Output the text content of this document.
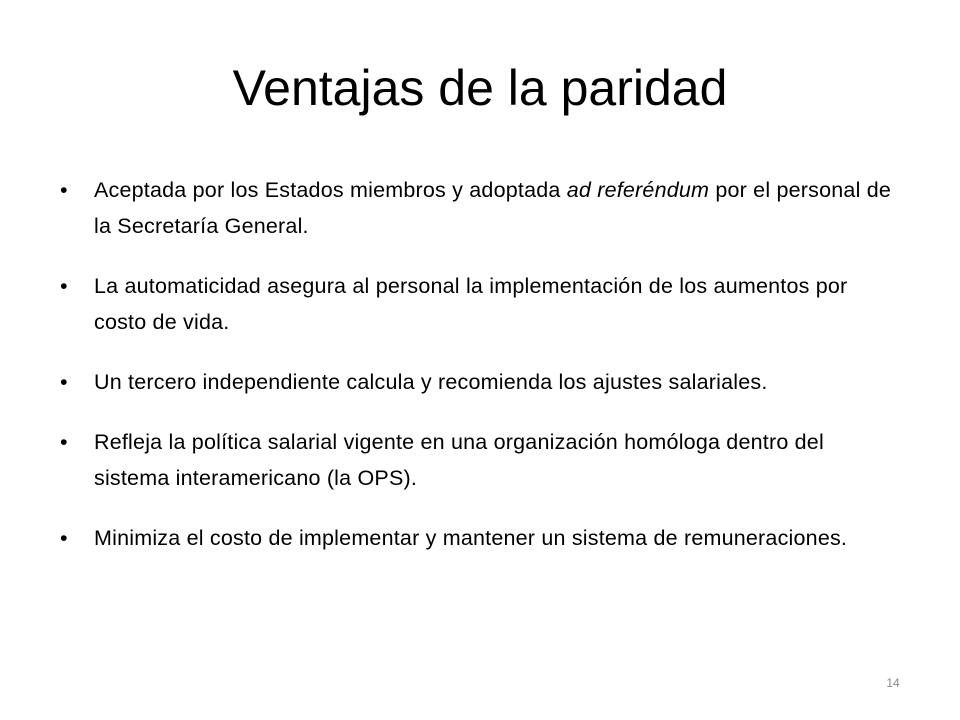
Ventajas de la paridad
•	Aceptada por los Estados miembros y adoptada ad referéndum por el personal de la Secretaría General.
•	La automaticidad asegura al personal la implementación de los aumentos por costo de vida.
•	Un tercero independiente calcula y recomienda los ajustes salariales.
•	Refleja la política salarial vigente en una organización homóloga dentro del sistema interamericano (la OPS).
•	Minimiza el costo de implementar y mantener un sistema de remuneraciones.
14
